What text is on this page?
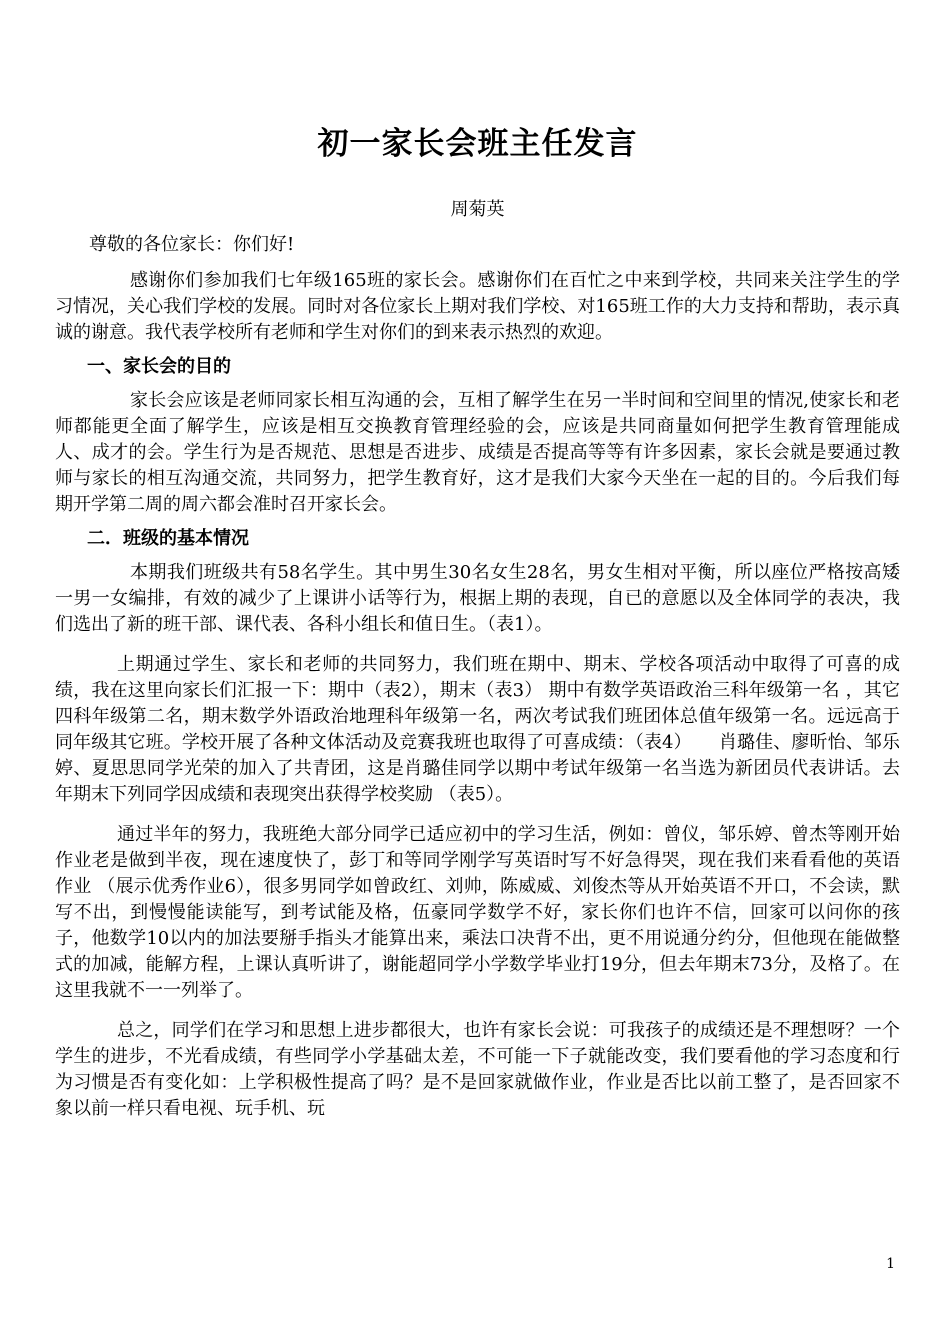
初一家长会班主任发言
周菊英
尊敬的各位家长：你们好!

感谢你们参加我们七年级165班的家长会。感谢你们在百忙之中来到学校，共同来关注学生的学习情况，关心我们学校的发展。同时对各位家长上期对我们学校、对165班工作的大力支持和帮助，表示真诚的谢意。我代表学校所有老师和学生对你们的到来表示热烈的欢迎。

一、家长会的目的

家长会应该是老师同家长相互沟通的会，互相了解学生在另一半时间和空间里的情况,使家长和老师都能更全面了解学生，应该是相互交换教育管理经验的会，应该是共同商量如何把学生教育管理能成人、成才的会。学生行为是否规范、思想是否进步、成绩是否提高等等有许多因素，家长会就是要通过教师与家长的相互沟通交流，共同努力，把学生教育好，这才是我们大家今天坐在一起的目的。今后我们每期开学第二周的周六都会准时召开家长会。

二．班级的基本情况

本期我们班级共有58名学生。其中男生30名女生28名，男女生相对平衡，所以座位严格按高矮一男一女编排，有效的减少了上课讲小话等行为，根据上期的表现，自已的意愿以及全体同学的表决，我们选出了新的班干部、课代表、各科小组长和值日生。（表1）。

上期通过学生、家长和老师的共同努力，我们班在期中、期末、学校各项活动中取得了可喜的成绩，我在这里向家长们汇报一下：期中（表2），期末（表3） 期中有数学英语政治三科年级第一名 ，其它四科年级第二名，期末数学外语政治地理科年级第一名，两次考试我们班团体总值年级第一名。远远高于同年级其它班。学校开展了各种文体活动及竞赛我班也取得了可喜成绩：（表4）　　肖璐佳、廖昕怡、邹乐婷、夏思思同学光荣的加入了共青团，这是肖璐佳同学以期中考试年级第一名当选为新团员代表讲话。去年期末下列同学因成绩和表现突出获得学校奖励 （表5）。

通过半年的努力，我班绝大部分同学已适应初中的学习生活，例如：曾仪，邹乐婷、曾杰等刚开始作业老是做到半夜，现在速度快了，彭丁和等同学刚学写英语时写不好急得哭，现在我们来看看他的英语作业 （展示优秀作业6），很多男同学如曾政红、刘帅，陈威威、刘俊杰等从开始英语不开口，不会读，默写不出，到慢慢能读能写，到考试能及格，伍豪同学数学不好，家长你们也许不信，回家可以问你的孩子，他数学10以内的加法要掰手指头才能算出来，乘法口决背不出，更不用说通分约分，但他现在能做整式的加减，能解方程，上课认真听讲了，谢能超同学小学数学毕业打19分，但去年期末73分，及格了。在这里我就不一一列举了。

总之，同学们在学习和思想上进步都很大，也许有家长会说：可我孩子的成绩还是不理想呀？一个学生的进步，不光看成绩，有些同学小学基础太差，不可能一下子就能改变，我们要看他的学习态度和行为习惯是否有变化如：上学积极性提高了吗？是不是回家就做作业，作业是否比以前工整了，是否回家不象以前一样只看电视、玩手机、玩

1
